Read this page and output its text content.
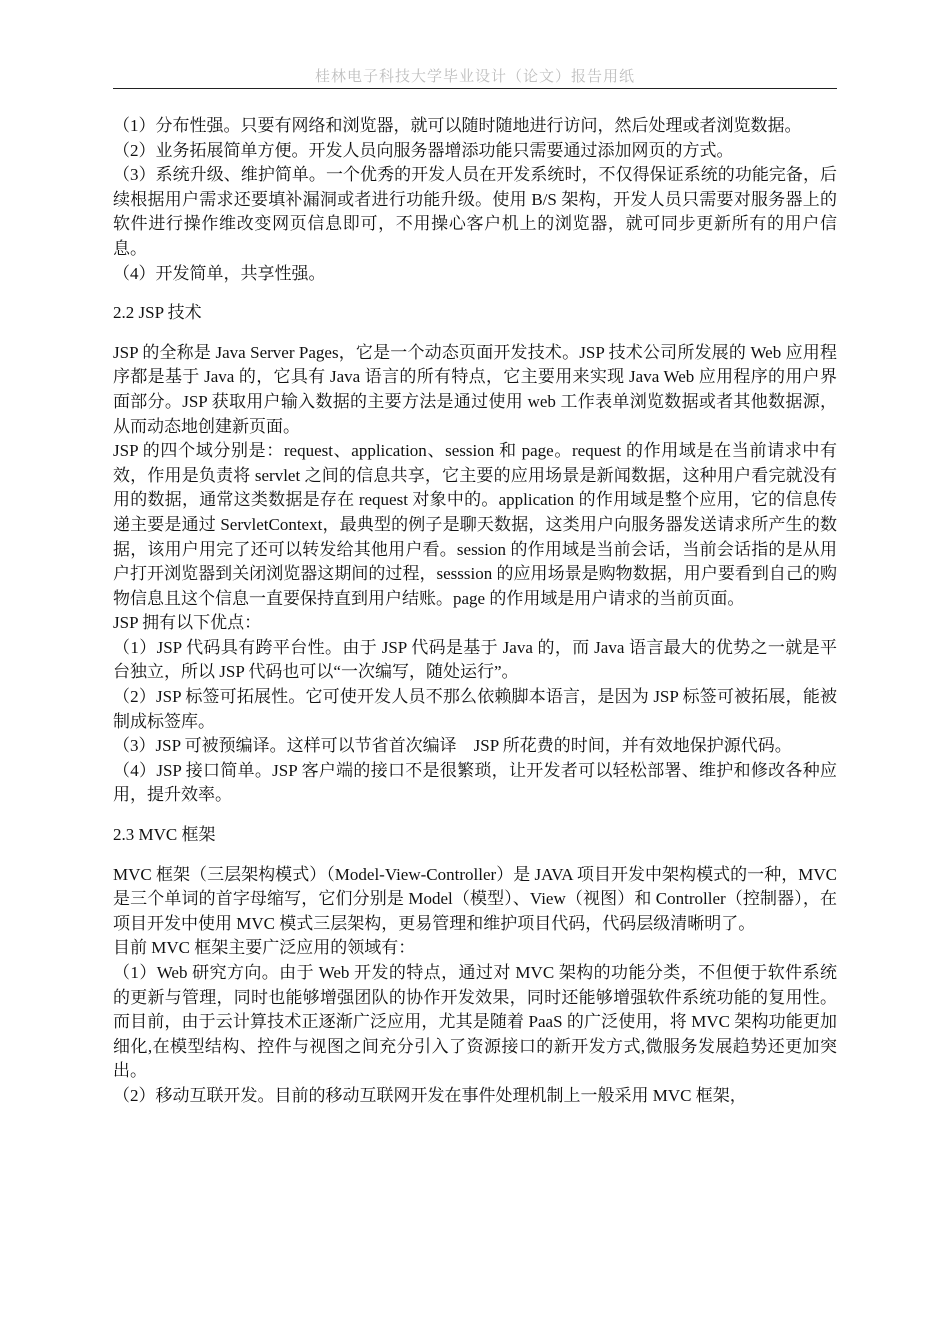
桂林电子科技大学毕业设计（论文）报告用纸

（1）分布性强。只要有网络和浏览器，就可以随时随地进行访问，然后处理或者浏览数据。

（2）业务拓展简单方便。开发人员向服务器增添功能只需要通过添加网页的方式。

（3）系统升级、维护简单。一个优秀的开发人员在开发系统时，不仅得保证系统的功能完备，后续根据用户需求还要填补漏洞或者进行功能升级。使用 B/S 架构，开发人员只需要对服务器上的软件进行操作维改变网页信息即可，不用操心客户机上的浏览器，就可同步更新所有的用户信息。

（4）开发简单，共享性强。

2.2 JSP 技术

JSP 的全称是 Java Server Pages，它是一个动态页面开发技术。JSP 技术公司所发展的 Web 应用程序都是基于 Java 的，它具有 Java 语言的所有特点，它主要用来实现 Java Web 应用程序的用户界面部分。JSP 获取用户输入数据的主要方法是通过使用 web 工作表单浏览数据或者其他数据源，从而动态地创建新页面。

JSP 的四个域分别是：request、application、session 和 page。request 的作用域是在当前请求中有效，作用是负责将 servlet 之间的信息共享，它主要的应用场景是新闻数据，这种用户看完就没有用的数据，通常这类数据是存在 request 对象中的。application 的作用域是整个应用，它的信息传递主要是通过 ServletContext，最典型的例子是聊天数据，这类用户向服务器发送请求所产生的数据，该用户用完了还可以转发给其他用户看。session 的作用域是当前会话，当前会话指的是从用户打开浏览器到关闭浏览器这期间的过程，sesssion 的应用场景是购物数据，用户要看到自己的购物信息且这个信息一直要保持直到用户结账。page 的作用域是用户请求的当前页面。

JSP 拥有以下优点：

（1）JSP 代码具有跨平台性。由于 JSP 代码是基于 Java 的，而 Java 语言最大的优势之一就是平台独立，所以 JSP 代码也可以“一次编写，随处运行”。

（2）JSP 标签可拓展性。它可使开发人员不那么依赖脚本语言，是因为 JSP 标签可被拓展，能被制成标签库。

（3）JSP 可被预编译。这样可以节省首次编译　JSP 所花费的时间，并有效地保护源代码。

（4）JSP 接口简单。JSP 客户端的接口不是很繁琐，让开发者可以轻松部署、维护和修改各种应用，提升效率。

2.3 MVC 框架

MVC 框架（三层架构模式）（Model-View-Controller）是 JAVA 项目开发中架构模式的一种，MVC 是三个单词的首字母缩写，它们分别是 Model（模型）、View（视图）和 Controller（控制器），在项目开发中使用 MVC 模式三层架构，更易管理和维护项目代码，代码层级清晰明了。

目前 MVC 框架主要广泛应用的领域有：

（1）Web 研究方向。由于 Web 开发的特点，通过对 MVC 架构的功能分类，不但便于软件系统的更新与管理，同时也能够增强团队的协作开发效果，同时还能够增强软件系统功能的复用性。而目前，由于云计算技术正逐渐广泛应用，尤其是随着 PaaS 的广泛使用，将 MVC 架构功能更加细化,在模型结构、控件与视图之间充分引入了资源接口的新开发方式,微服务发展趋势还更加突出。

（2）移动互联开发。目前的移动互联网开发在事件处理机制上一般采用 MVC 框架，
